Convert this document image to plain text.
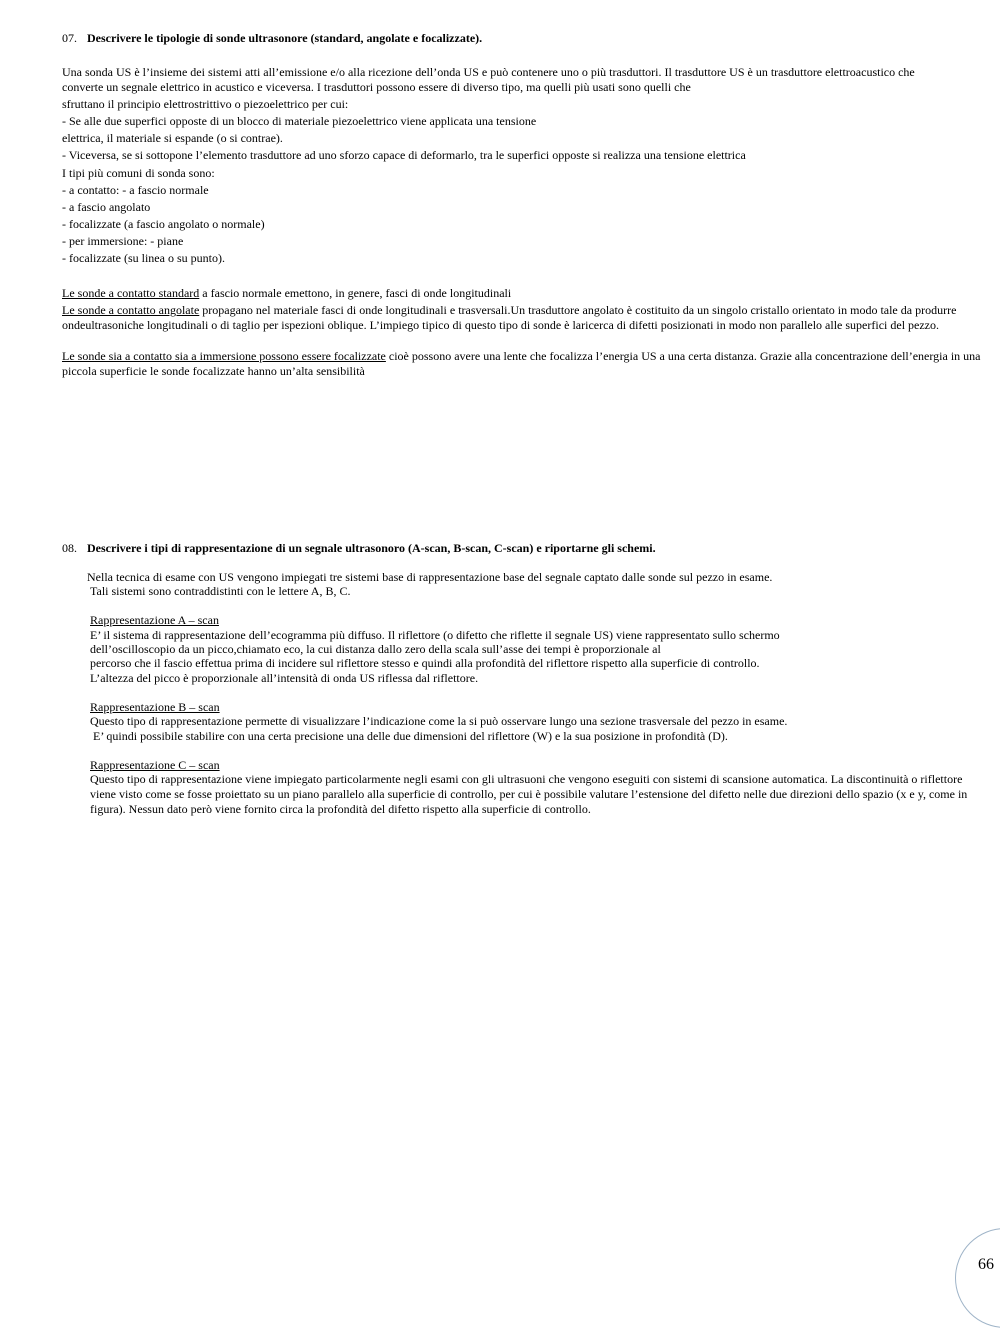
07. Descrivere le tipologie di sonde ultrasonore (standard, angolate e focalizzate).
Una sonda US è l’insieme dei sistemi atti all’emissione e/o alla ricezione dell’onda US e può contenere uno o più trasduttori. Il trasduttore US è un trasduttore elettroacustico che
converte un segnale elettrico in acustico e viceversa. I trasduttori possono essere di diverso tipo, ma quelli più usati sono quelli che
sfruttano il principio elettrostrittivo o piezoelettrico per cui:
- Se alle due superfici opposte di un blocco di materiale piezoelettrico viene applicata una tensione
elettrica, il materiale si espande (o si contrae).
- Viceversa, se si sottopone l’elemento trasduttore ad uno sforzo capace di deformarlo, tra le superfici opposte si realizza una tensione elettrica
I tipi più comuni di sonda sono:
- a contatto: - a fascio normale
- a fascio angolato
- focalizzate (a fascio angolato o normale)
- per immersione: - piane
- focalizzate (su linea o su punto).
Le sonde a contatto standard a fascio normale emettono, in genere, fasci di onde longitudinali
Le sonde a contatto angolate propagano nel materiale fasci di onde longitudinali e trasversali.Un trasduttore angolato è costituito da un singolo cristallo orientato in modo tale da produrre ondeultrasoniche longitudinali o di taglio per ispezioni oblique. L’impiego tipico di questo tipo di sonde è laricerca di difetti posizionati in modo non parallelo alle superfici del pezzo.
Le sonde sia a contatto sia a immersione possono essere focalizzate cioè possono avere una lente che focalizza l’energia US a una certa distanza. Grazie alla concentrazione dell’energia in una piccola superficie le sonde focalizzate hanno un’alta sensibilità
08. Descrivere i tipi di rappresentazione di un segnale ultrasonoro (A-scan, B-scan, C-scan) e riportarne gli schemi.
Nella tecnica di esame con US vengono impiegati tre sistemi base di rappresentazione base del segnale captato dalle sonde sul pezzo in esame.
Tali sistemi sono contraddistinti con le lettere A, B, C.
Rappresentazione A – scan
E’ il sistema di rappresentazione dell’ecogramma più diffuso. Il riflettore (o difetto che riflette il segnale US) viene rappresentato sullo schermo
dell’oscilloscopio da un picco,chiamato eco, la cui distanza dallo zero della scala sull’asse dei tempi è proporzionale al
percorso che il fascio effettua prima di incidere sul riflettore stesso e quindi alla profondità del riflettore rispetto alla superficie di controllo.
L’altezza del picco è proporzionale all’intensità di onda US riflessa dal riflettore.
Rappresentazione B – scan
Questo tipo di rappresentazione permette di visualizzare l’indicazione come la si può osservare lungo una sezione trasversale del pezzo in esame.
E’ quindi possibile stabilire con una certa precisione una delle due dimensioni del riflettore (W) e la sua posizione in profondità (D).
Rappresentazione C – scan
Questo tipo di rappresentazione viene impiegato particolarmente negli esami con gli ultrasuoni che vengono eseguiti con sistemi di scansione automatica. La discontinuità o riflettore viene visto come se fosse proiettato su un piano parallelo alla superficie di controllo, per cui è possibile valutare l’estensione del difetto nelle due direzioni dello spazio (x e y, come in figura). Nessun dato però viene fornito circa la profondità del difetto rispetto alla superficie di controllo.
66
